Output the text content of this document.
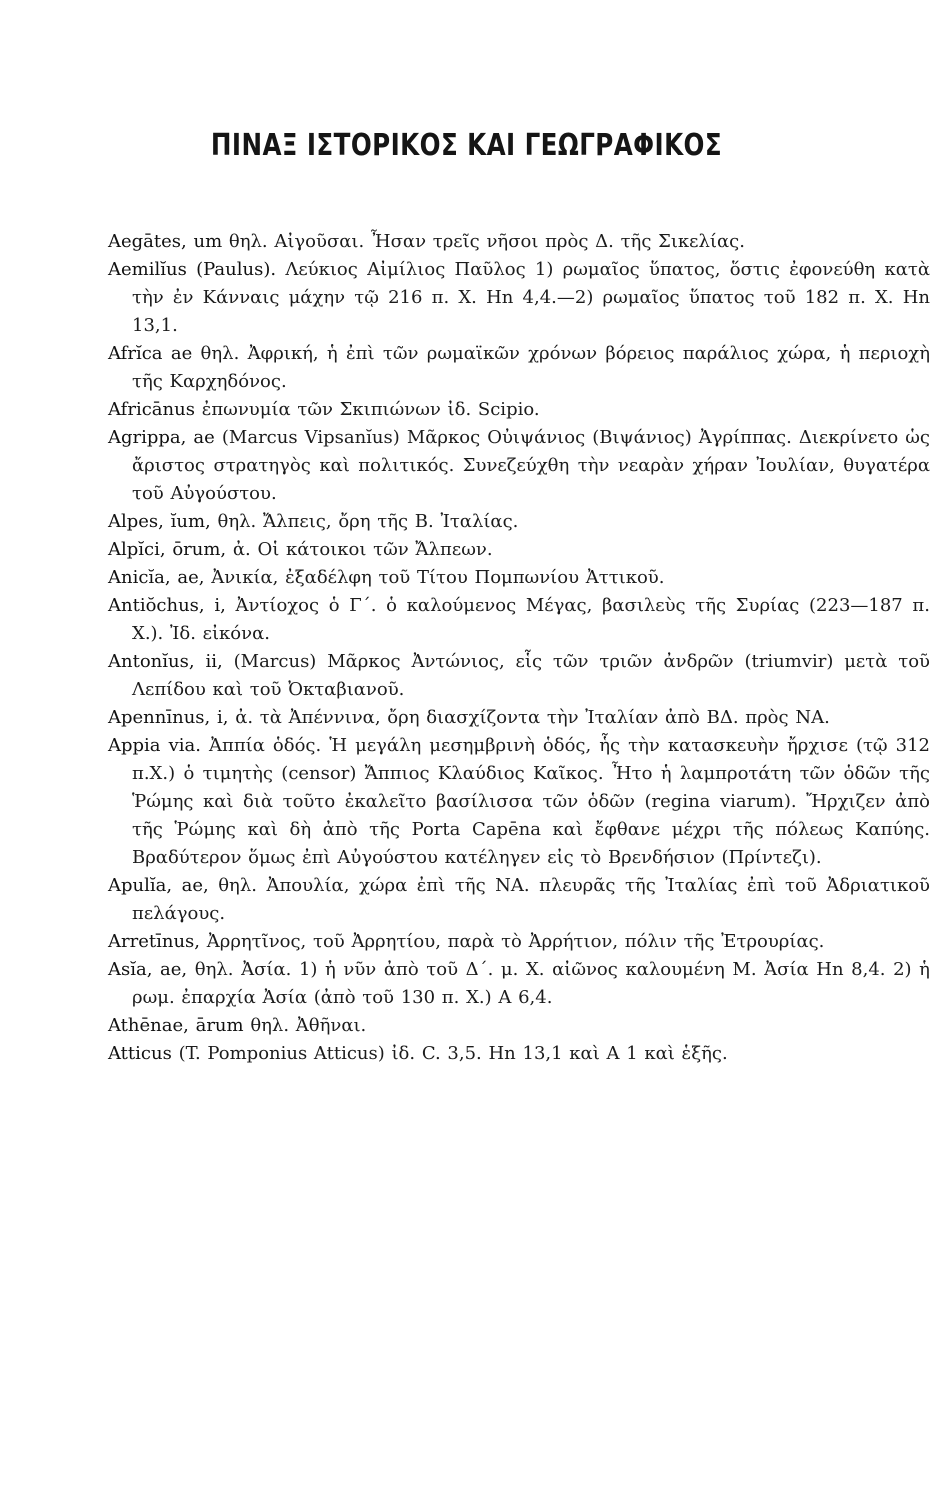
ΠΙΝΑΞ ΙΣΤΟΡΙΚΟΣ ΚΑΙ ΓΕΩΓΡΑΦΙΚΟΣ
Aegātes, um θηλ. Αἰγοῦσαι. Ἦσαν τρεῖς νῆσοι πρὸς Δ. τῆς Σικελίας.
Aemilĭus (Paulus). Λεύκιος Αἰμίλιος Παῦλος 1) ρωμαῖος ὕπατος, ὅστις ἐφονεύθη κατὰ τὴν ἐν Κάνναις μάχην τῷ 216 π. Χ. Hn 4,4.—2) ρωμαῖος ὕπατος τοῦ 182 π. Χ. Hn 13,1.
Afrĭca ae θηλ. Ἀφρική, ἡ ἐπὶ τῶν ρωμαϊκῶν χρόνων βόρειος παράλιος χώρα, ἡ περιοχὴ τῆς Καρχηδόνος.
Africānus ἐπωνυμία τῶν Σκιπιώνων ἰδ. Scipio.
Agrippa, ae (Marcus Vipsanĭus) Μᾶρκος Οὐιψάνιος (Βιψάνιος) Ἀγρίππας. Διεκρίνετο ὡς ἄριστος στρατηγὸς καὶ πολιτικός. Συνεζεύχθη τὴν νεαρὰν χήραν Ἰουλίαν, θυγατέρα τοῦ Αὐγούστου.
Alpes, ĭum, θηλ. Ἄλπεις, ὄρη τῆς Β. Ἰταλίας.
Alpĭci, ōrum, ἀ. Οἱ κάτοικοι τῶν Ἄλπεων.
Anicĭa, ae, Ἀνικία, ἐξαδέλφη τοῦ Τίτου Πομπωνίου Ἀττικοῦ.
Antiŏchus, i, Ἀντίοχος ὁ Γ΄. ὁ καλούμενος Μέγας, βασιλεὺς τῆς Συρίας (223—187 π. Χ.). Ἰδ. εἰκόνα.
Antonĭus, ii, (Marcus) Μᾶρκος Ἀντώνιος, εἷς τῶν τριῶν ἀνδρῶν (triumvir) μετὰ τοῦ Λεπίδου καὶ τοῦ Ὀκταβιανοῦ.
Apennīnus, i, ἀ. τὰ Ἀπέννινα, ὄρη διασχίζοντα τὴν Ἰταλίαν ἀπὸ ΒΔ. πρὸς ΝΑ.
Appia via. Ἀππία ὁδός. Ἡ μεγάλη μεσημβρινὴ ὁδός, ἧς τὴν κατασκευὴν ἤρχισε (τῷ 312 π.Χ.) ὁ τιμητὴς (censor) Ἄππιος Κλαύδιος Καῖκος. Ἦτο ἡ λαμπροτάτη τῶν ὁδῶν τῆς Ῥώμης καὶ διὰ τοῦτο ἐκαλεῖτο βασίλισσα τῶν ὁδῶν (regina viarum). Ἤρχιζεν ἀπὸ τῆς Ῥώμης καὶ δὴ ἀπὸ τῆς Porta Capēna καὶ ἔφθανε μέχρι τῆς πόλεως Καπύης. Βραδύτερον ὅμως ἐπὶ Αὐγούστου κατέληγεν εἰς τὸ Βρενδήσιον (Πρίντεζι).
Apulĭa, ae, θηλ. Ἀπουλία, χώρα ἐπὶ τῆς ΝΑ. πλευρᾶς τῆς Ἰταλίας ἐπὶ τοῦ Ἀδριατικοῦ πελάγους.
Arretīnus, Ἀρρητῖνος, τοῦ Ἀρρητίου, παρὰ τὸ Ἀρρήτιον, πόλιν τῆς Ἐτρουρίας.
Asĭa, ae, θηλ. Ἀσία. 1) ἡ νῦν ἀπὸ τοῦ Δ΄. μ. Χ. αἰῶνος καλουμένη Μ. Ἀσία Hn 8,4. 2) ἡ ρωμ. ἐπαρχία Ἀσία (ἀπὸ τοῦ 130 π. Χ.) Α 6,4.
Athēnae, ārum θηλ. Ἀθῆναι.
Atticus (T. Pomponius Atticus) ἰδ. C. 3,5. Hn 13,1 καὶ Α 1 καὶ ἑξῆς.
